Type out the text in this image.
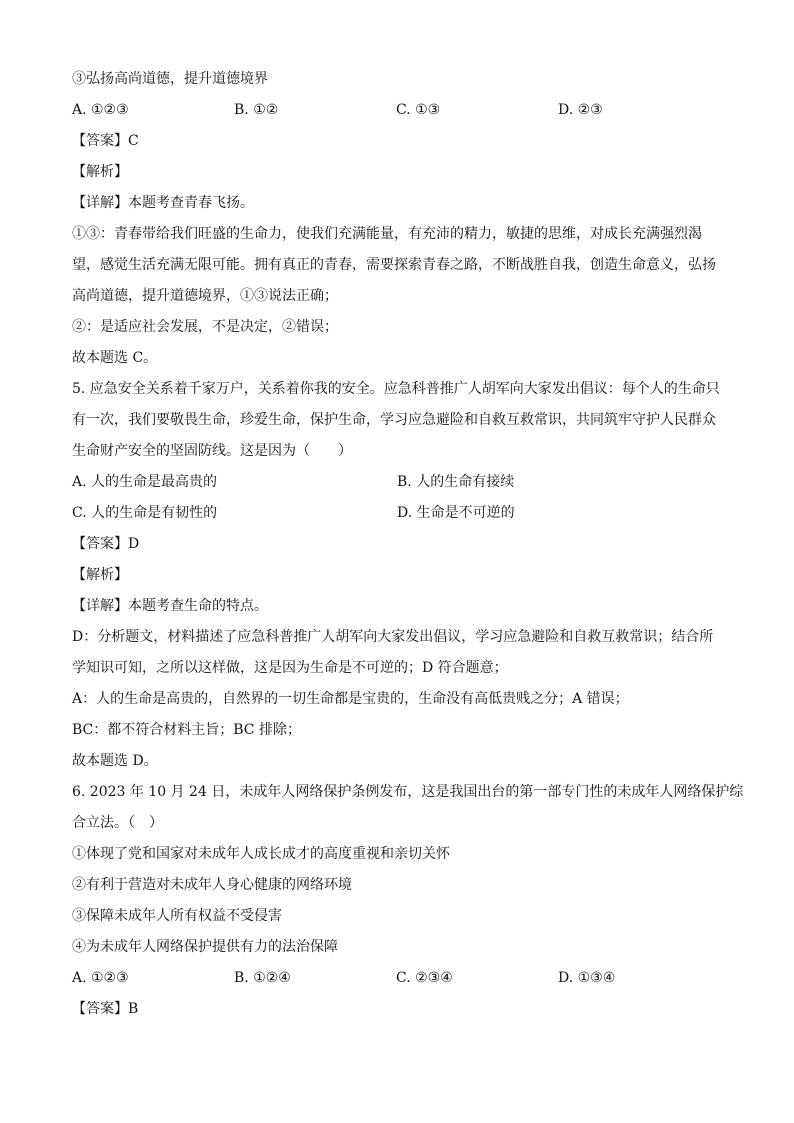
③弘扬高尚道德，提升道德境界
A. ①②③	B. ①②	C. ①③	D. ②③
【答案】C
【解析】
【详解】本题考查青春飞扬。
①③：青春带给我们旺盛的生命力，使我们充满能量，有充沛的精力，敏捷的思维，对成长充满强烈渴
望，感觉生活充满无限可能。拥有真正的青春，需要探索青春之路，不断战胜自我，创造生命意义，弘扬
高尚道德，提升道德境界，①③说法正确；
②：是适应社会发展，不是决定，②错误；
故本题选 C。
5. 应急安全关系着千家万户，关系着你我的安全。应急科普推广人胡军向大家发出倡议：每个人的生命只
有一次，我们要敬畏生命，珍爱生命，保护生命，学习应急避险和自救互救常识，共同筑牢守护人民群众
生命财产安全的坚固防线。这是因为（　　）
A. 人的生命是最高贵的	B. 人的生命有接续
C. 人的生命是有韧性的	D. 生命是不可逆的
【答案】D
【解析】
【详解】本题考查生命的特点。
D：分析题文，材料描述了应急科普推广人胡军向大家发出倡议，学习应急避险和自救互救常识；结合所
学知识可知，之所以这样做，这是因为生命是不可逆的；D 符合题意；
A：人的生命是高贵的，自然界的一切生命都是宝贵的，生命没有高低贵贱之分；A 错误；
BC：都不符合材料主旨；BC 排除；
故本题选 D。
6. 2023 年 10 月 24 日，未成年人网络保护条例发布，这是我国出台的第一部专门性的未成年人网络保护综
合立法。（　）
①体现了党和国家对未成年人成长成才的高度重视和亲切关怀
②有利于营造对未成年人身心健康的网络环境
③保障未成年人所有权益不受侵害
④为未成年人网络保护提供有力的法治保障
A. ①②③	B. ①②④	C. ②③④	D. ①③④
【答案】B
